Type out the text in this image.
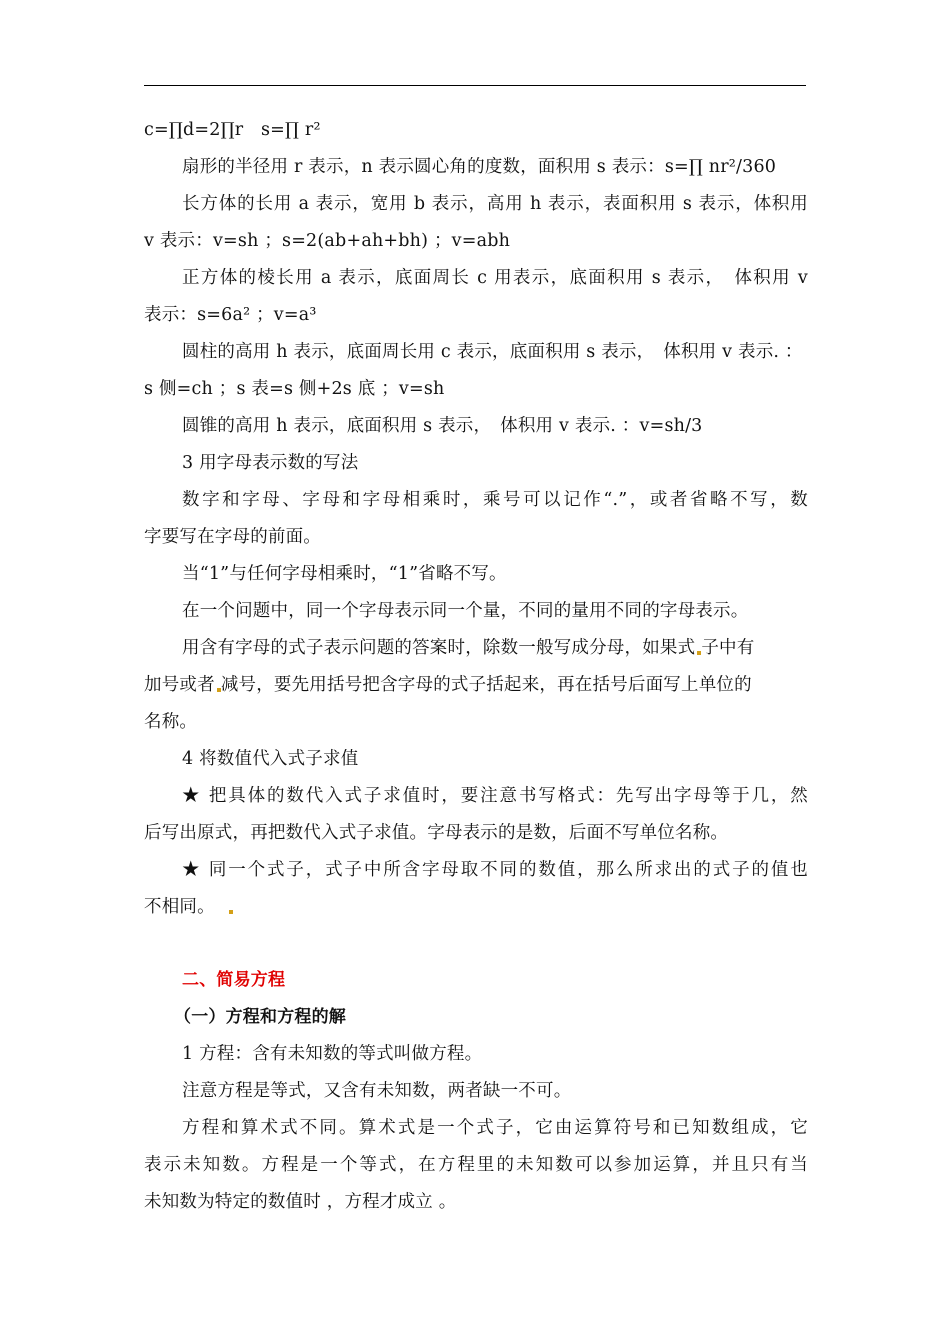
c=∏d=2∏r　s=∏ r²
扇形的半径用 r 表示，n 表示圆心角的度数，面积用 s 表示：s=∏ nr²/360
长方体的长用 a 表示，宽用 b 表示，高用 h 表示，表面积用 s 表示，体积用
v 表示：v=sh ；s=2(ab+ah+bh) ；v=abh
正方体的棱长用 a 表示，底面周长 c 用表示，底面积用 s 表示，　体积用 v
表示：s=6a² ；v=a³
圆柱的高用 h 表示，底面周长用 c 表示，底面积用 s 表示，　体积用 v 表示. ：
s 侧=ch ；s 表=s 侧+2s 底 ；v=sh
圆锥的高用 h 表示，底面积用 s 表示，　体积用 v 表示. ：v=sh/3
3 用字母表示数的写法
数字和字母、字母和字母相乘时，乘号可以记作“.”，或者省略不写，数
字要写在字母的前面。
当“1”与任何字母相乘时，“1”省略不写。
在一个问题中，同一个字母表示同一个量，不同的量用不同的字母表示。
用含有字母的式子表示问题的答案时，除数一般写成分母，如果式 子中有
加号或者 减号，要先用括号把含字母的式子括起来，再在括号后面写上单位的
名称。
4 将数值代入式子求值
★ 把具体的数代入式子求值时，要注意书写格式：先写出字母等于几，然
后写出原式，再把数代入式子求值。字母表示的是数，后面不写单位名称。
★ 同一个式子，式子中所含字母取不同的数值，那么所求出的式子的值也
不相同。
二、简易方程
（一）方程和方程的解
1 方程：含有未知数的等式叫做方程。
注意方程是等式，又含有未知数，两者缺一不可。
方程和算术式不同。算术式是一个式子，它由运算符号和已知数组成，它
表示未知数。方程是一个等式，在方程里的未知数可以参加运算，并且只有当
未知数为特定的数值时 ，方程才成立 。
